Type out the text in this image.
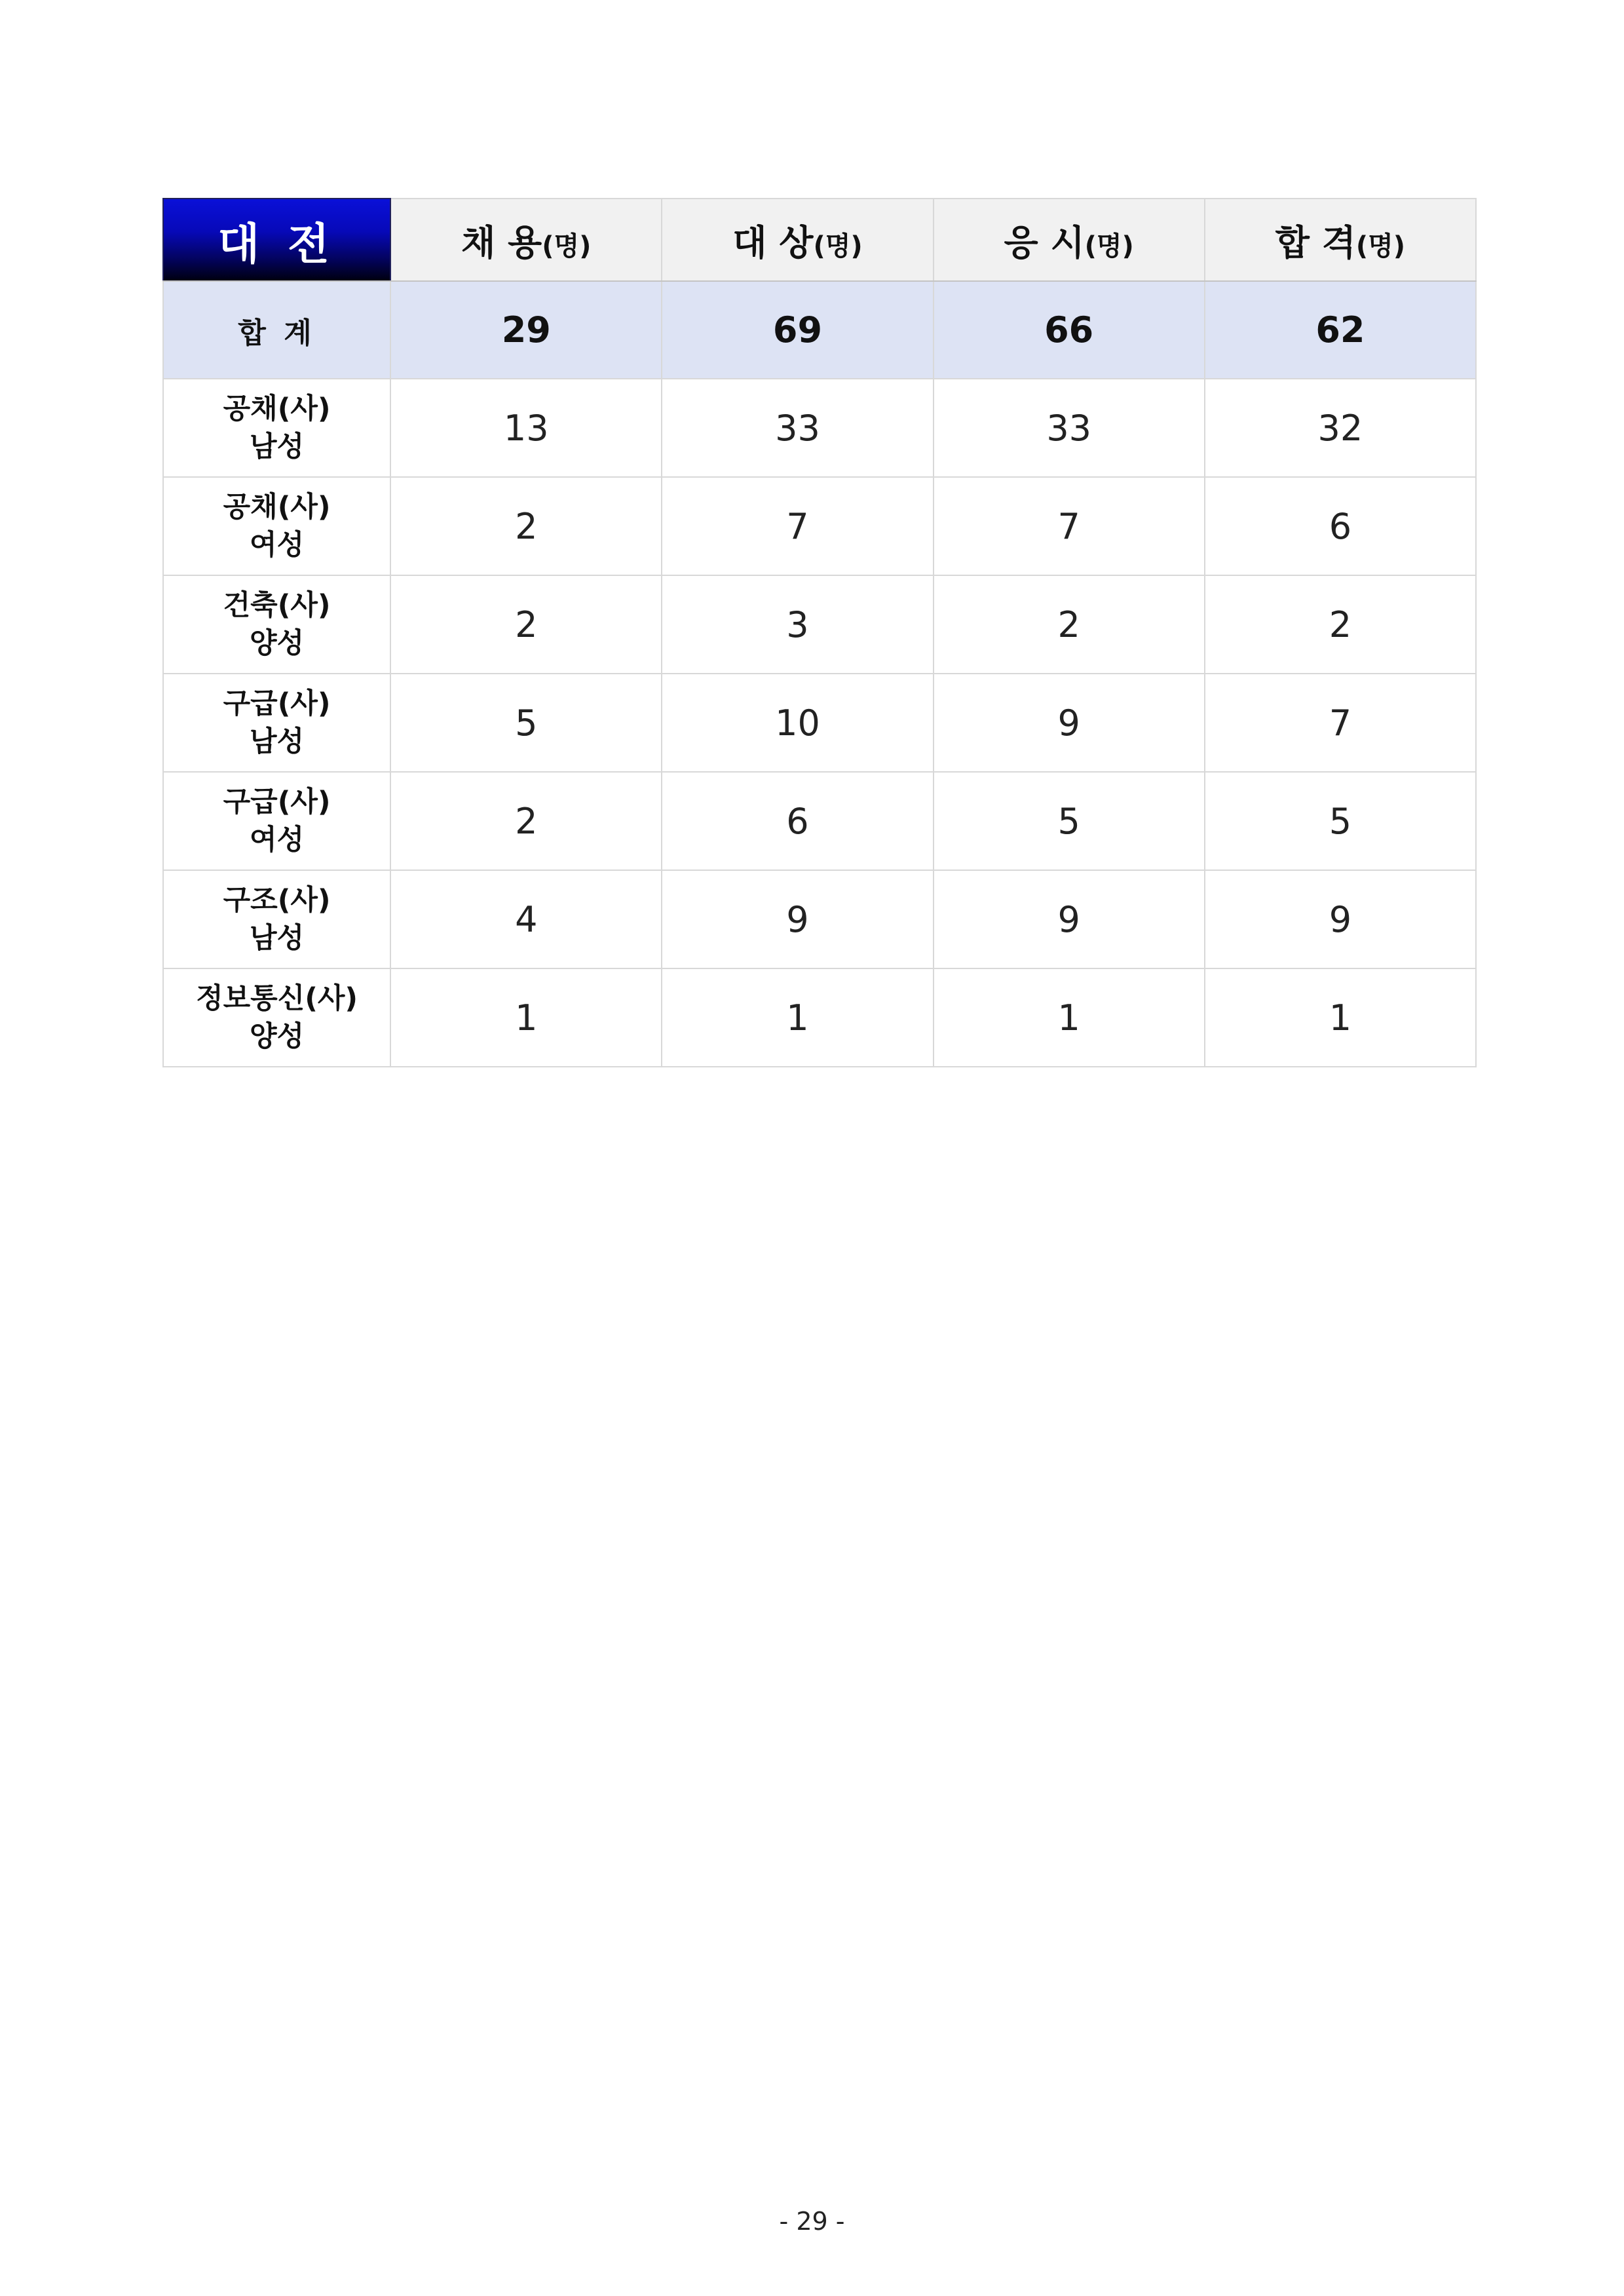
대 전	채 용(명)	대 상(명)	응 시(명)	합 격(명)
합 계	29	69	66	62

공채(사)
남성	13	33	33	32

공채(사)
여성	2	7	7	6

건축(사)
양성	2	3	2	2

구급(사)
남성	5	10	9	7

구급(사)
여성	2	6	5	5

구조(사)
남성	4	9	9	9

정보통신(사)
양성	1	1	1	1
- 29 -
